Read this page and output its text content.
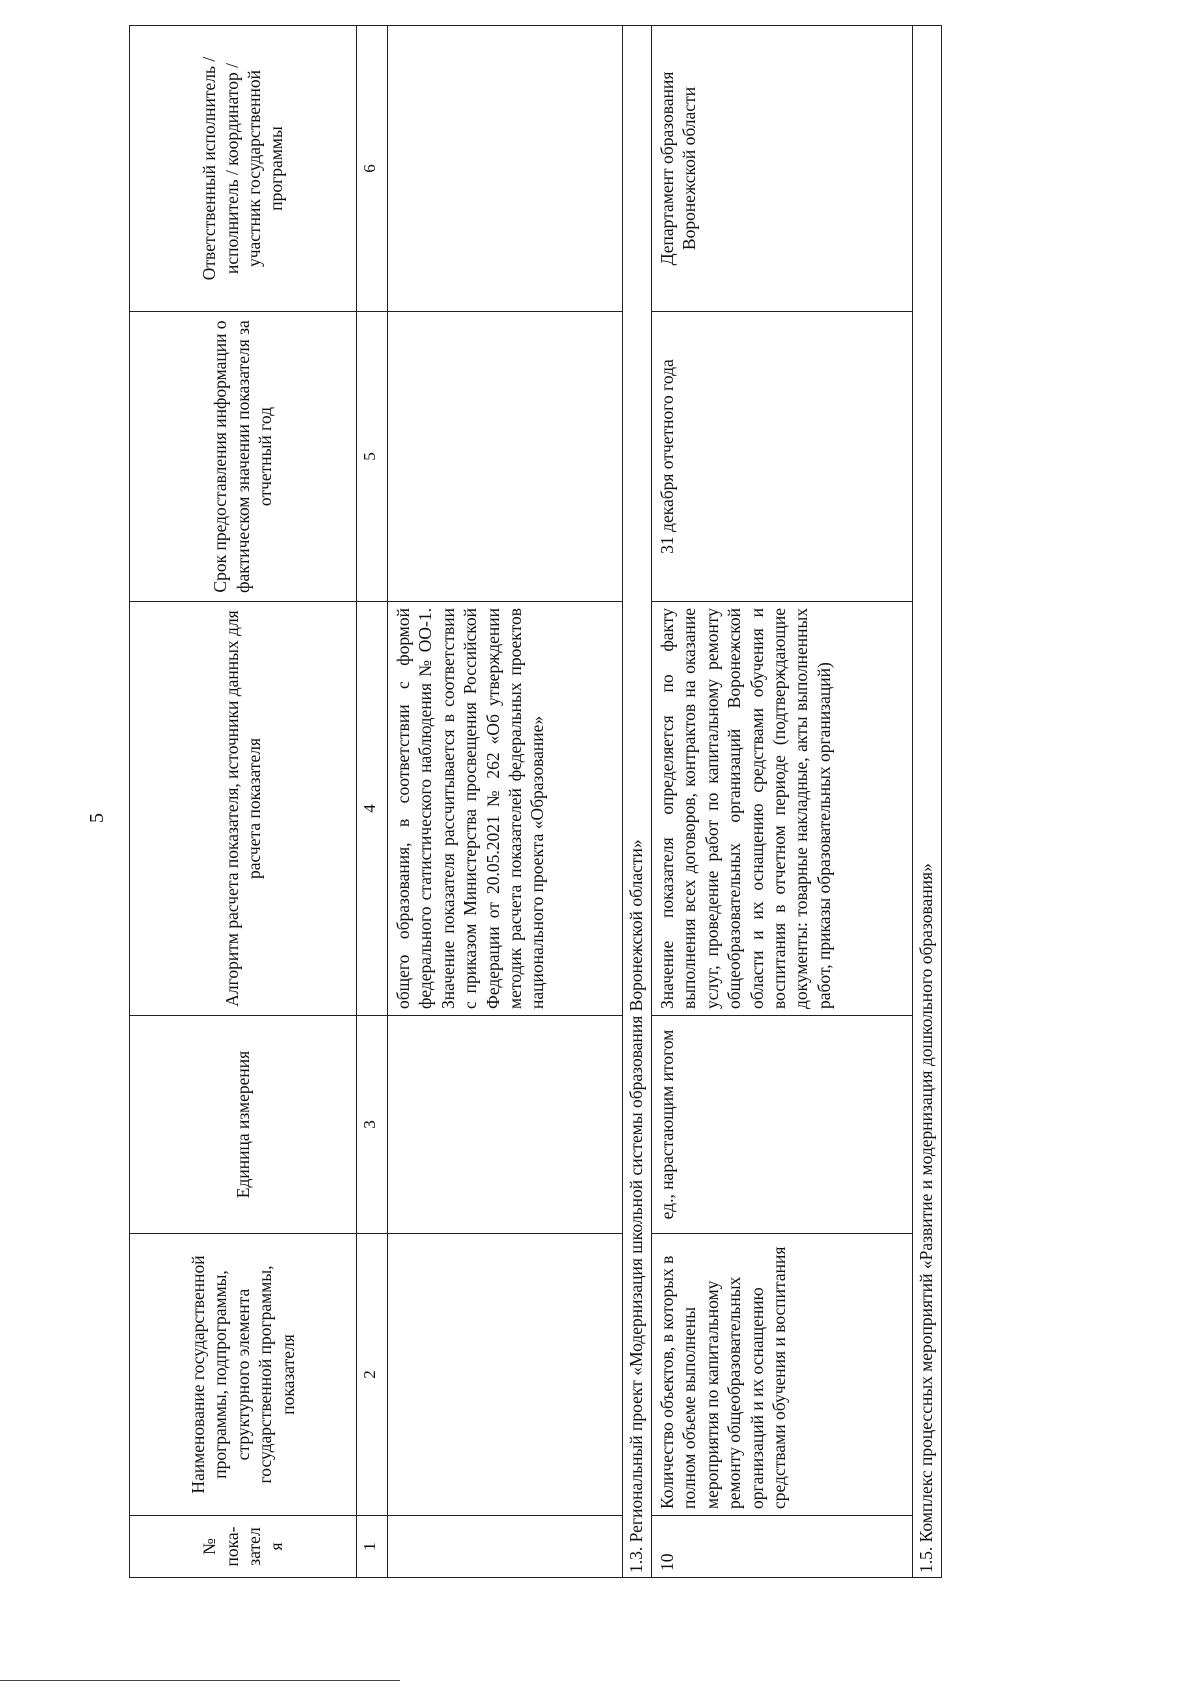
5
№ пока-зателя	Наименование государственной программы, подпрограммы, структурного элемента государственной программы, показателя	Единица измерения	Алгоритм расчета показателя, источники данных для расчета показателя	Срок предоставления информации о фактическом значении показателя за отчетный год	Ответственный исполнитель / исполнитель / координатор / участник государственной программы
1	2	3	4	5	6
			общего образования, в соответствии с формой федерального статистического наблюдения № ОО-1. Значение показателя рассчитывается в соответствии с приказом Министерства просвещения Российской Федерации от 20.05.2021 № 262 «Об утверждении методик расчета показателей федеральных проектов национального проекта «Образование»		
1.3. Региональный проект «Модернизация школьной системы образования Воронежской области»					
10	Количество объектов, в которых в полном объеме выполнены мероприятия по капитальному ремонту общеобразовательных организаций и их оснащению средствами обучения и воспитания	ед., нарастающим итогом	Значение показателя определяется по факту выполнения всех договоров, контрактов на оказание услуг, проведение работ по капитальному ремонту общеобразовательных организаций Воронежской области и их оснащению средствами обучения и воспитания в отчетном периоде (подтверждающие документы: товарные накладные, акты выполненных работ, приказы образовательных организаций)	31 декабря отчетного года	Департамент образования Воронежской области
1.5. Комплекс процессных мероприятий «Развитие и модернизация дошкольного образования»					
